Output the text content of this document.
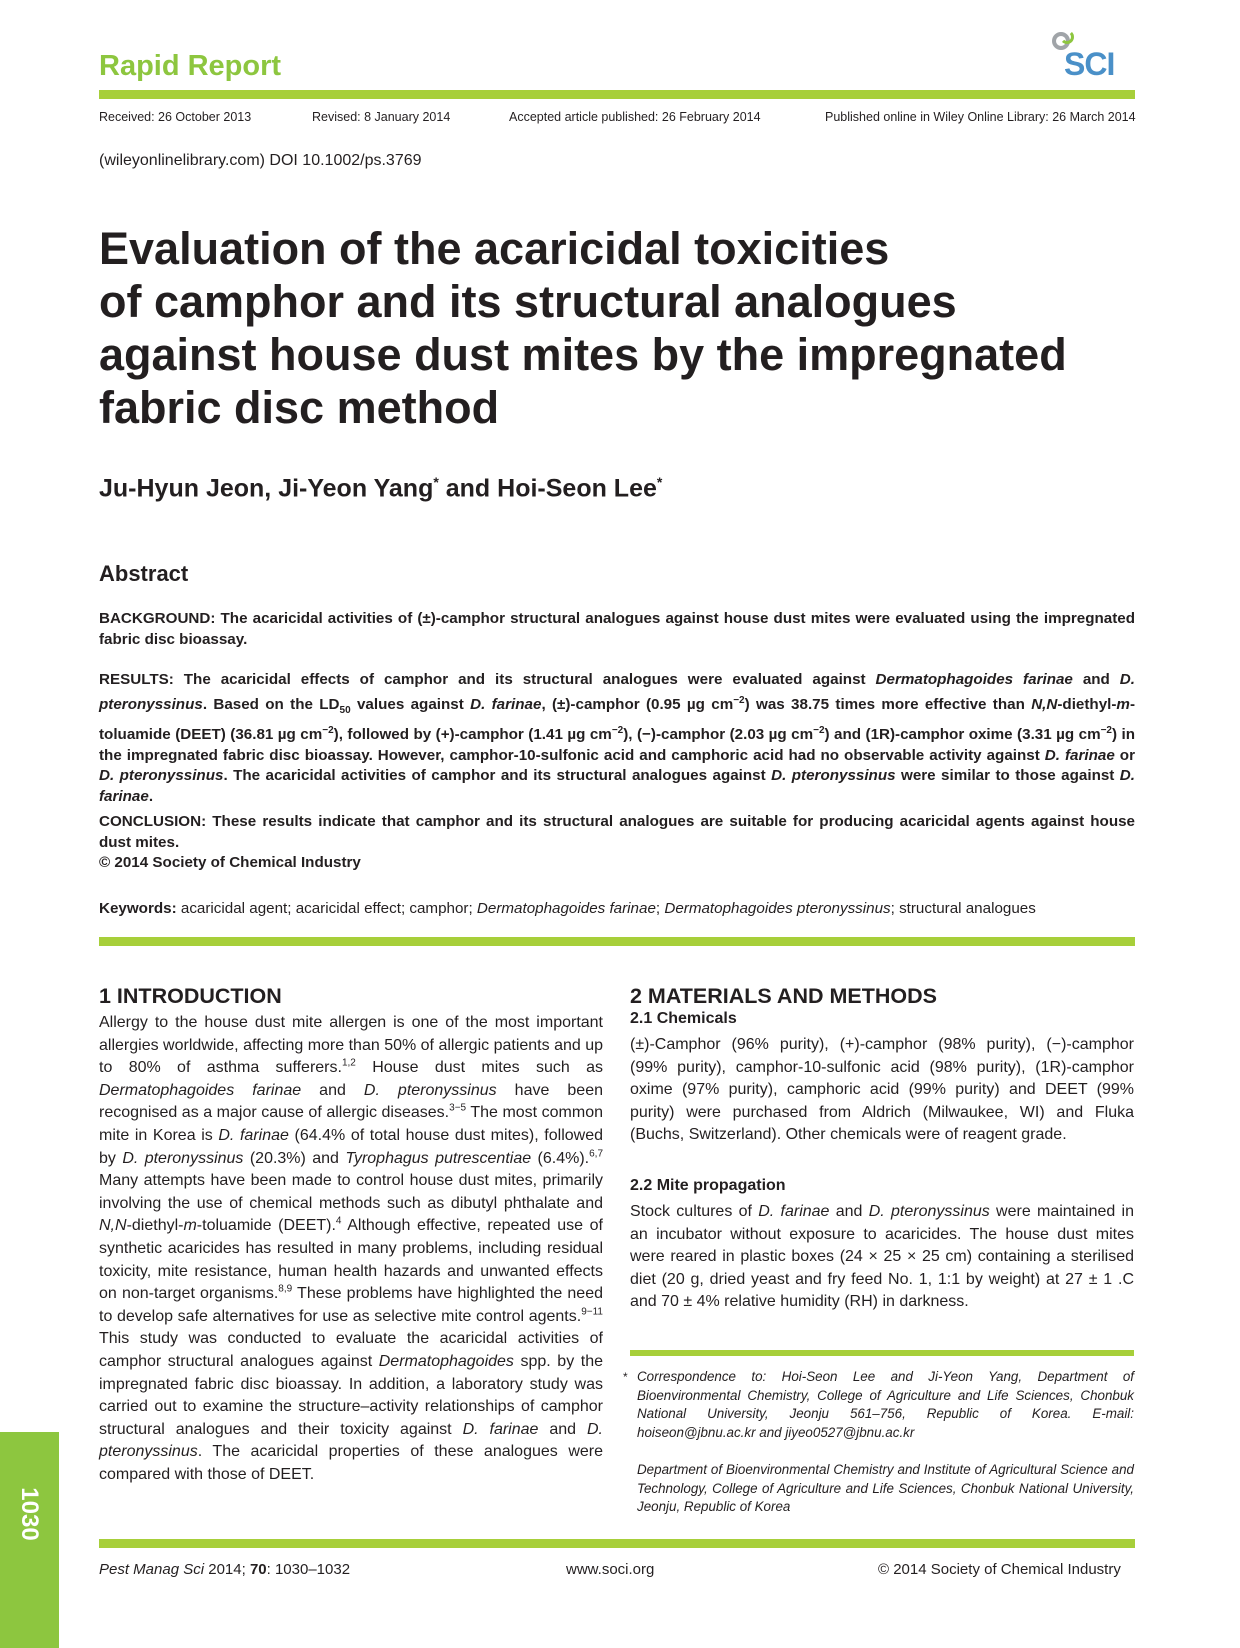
Rapid Report	SCI
Received: 26 October 2013	Revised: 8 January 2014	Accepted article published: 26 February 2014	Published online in Wiley Online Library: 26 March 2014
(wileyonlinelibrary.com) DOI 10.1002/ps.3769
Evaluation of the acaricidal toxicities
of camphor and its structural analogues
against house dust mites by the impregnated
fabric disc method
Ju-Hyun Jeon, Ji-Yeon Yang* and Hoi-Seon Lee*
Abstract
BACKGROUND: The acaricidal activities of (±)-camphor structural analogues against house dust mites were evaluated using the impregnated fabric disc bioassay.
RESULTS: The acaricidal effects of camphor and its structural analogues were evaluated against Dermatophagoides farinae and D. pteronyssinus. Based on the $LD_{50}$ values against D. farinae, (±)-camphor (0.95 µg $cm^{-2}$) was 38.75 times more effective than N,N-diethyl-m-toluamide (DEET) (36.81 µg $cm^{-2}$), followed by (+)-camphor (1.41 µg $cm^{-2}$), (−)-camphor (2.03 µg $cm^{-2}$) and (1R)-camphor oxime (3.31 µg $cm^{-2}$) in the impregnated fabric disc bioassay. However, camphor-10-sulfonic acid and camphoric acid had no observable activity against D. farinae or D. pteronyssinus. The acaricidal activities of camphor and its structural analogues against D. pteronyssinus were similar to those against D. farinae.
CONCLUSION: These results indicate that camphor and its structural analogues are suitable for producing acaricidal agents against house dust mites.
© 2014 Society of Chemical Industry
Keywords: acaricidal agent; acaricidal effect; camphor; Dermatophagoides farinae; Dermatophagoides pteronyssinus; structural analogues
1 INTRODUCTION
Allergy to the house dust mite allergen is one of the most important allergies worldwide, affecting more than 50% of allergic patients and up to 80% of asthma sufferers.$^{1,2}$ House dust mites such as Dermatophagoides farinae and D. pteronyssinus have been recognised as a major cause of allergic diseases.$^{3-5}$ The most common mite in Korea is D. farinae (64.4% of total house dust mites), followed by D. pteronyssinus (20.3%) and Tyrophagus putrescentiae (6.4%).$^{6,7}$ Many attempts have been made to control house dust mites, primarily involving the use of chemical methods such as dibutyl phthalate and N,N-diethyl-m-toluamide (DEET).$^4$ Although effective, repeated use of synthetic acaricides has resulted in many problems, including residual toxicity, mite resistance, human health hazards and unwanted effects on non-target organisms.$^{8,9}$ These problems have highlighted the need to develop safe alternatives for use as selective mite control agents.$^{9-11}$ This study was conducted to evaluate the acaricidal activities of camphor structural analogues against Dermatophagoides spp. by the impregnated fabric disc bioassay. In addition, a laboratory study was carried out to examine the structure–activity relationships of camphor structural analogues and their toxicity against D. farinae and D. pteronyssinus. The acaricidal properties of these analogues were compared with those of DEET.
2 MATERIALS AND METHODS
2.1 Chemicals
(±)-Camphor (96% purity), (+)-camphor (98% purity), (−)-camphor (99% purity), camphor-10-sulfonic acid (98% purity), (1R)-camphor oxime (97% purity), camphoric acid (99% purity) and DEET (99% purity) were purchased from Aldrich (Milwaukee, WI) and Fluka (Buchs, Switzerland). Other chemicals were of reagent grade.
2.2 Mite propagation
Stock cultures of D. farinae and D. pteronyssinus were maintained in an incubator without exposure to acaricides. The house dust mites were reared in plastic boxes (24 × 25 × 25 cm) containing a sterilised diet (20 g, dried yeast and fry feed No. 1, 1:1 by weight) at 27 ± 1 .C and 70 ± 4% relative humidity (RH) in darkness.
* Correspondence to: Hoi-Seon Lee and Ji-Yeon Yang, Department of Bioenvironmental Chemistry, College of Agriculture and Life Sciences, Chonbuk National University, Jeonju 561–756, Republic of Korea. E-mail: hoiseon@jbnu.ac.kr and jiyeo0527@jbnu.ac.kr
Department of Bioenvironmental Chemistry and Institute of Agricultural Science and Technology, College of Agriculture and Life Sciences, Chonbuk National University, Jeonju, Republic of Korea
1030
Pest Manag Sci 2014; 70: 1030–1032	www.soci.org	© 2014 Society of Chemical Industry
